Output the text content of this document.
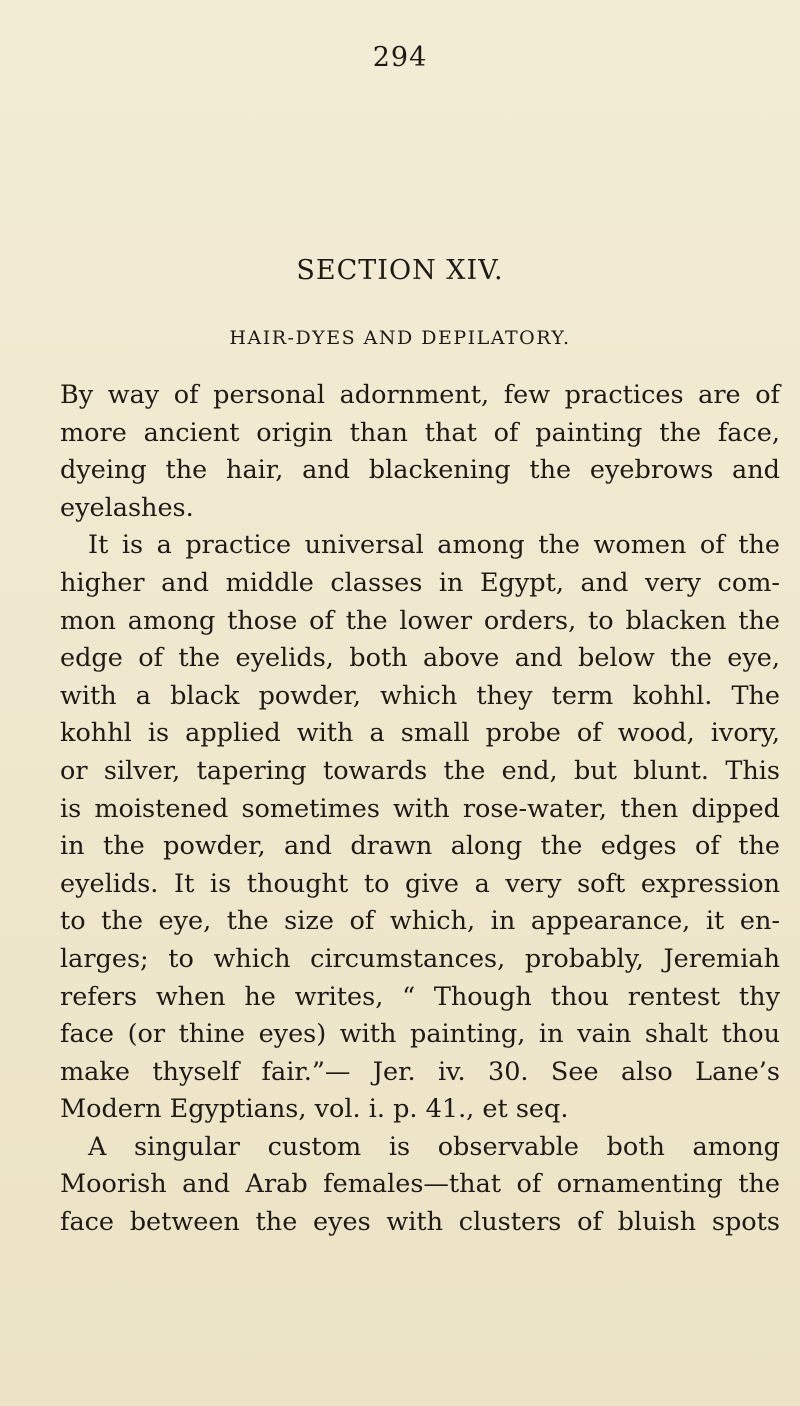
294
SECTION XIV.
HAIR-DYES AND DEPILATORY.
By way of personal adornment, few practices are of
more ancient origin than that of painting the face,
dyeing the hair, and blackening the eyebrows and
eyelashes.
It is a practice universal among the women of the
higher and middle classes in Egypt, and very com-
mon among those of the lower orders, to blacken the
edge of the eyelids, both above and below the eye,
with a black powder, which they term kohhl. The
kohhl is applied with a small probe of wood, ivory,
or silver, tapering towards the end, but blunt. This
is moistened sometimes with rose-water, then dipped
in the powder, and drawn along the edges of the
eyelids. It is thought to give a very soft expression
to the eye, the size of which, in appearance, it en-
larges; to which circumstances, probably, Jeremiah
refers when he writes, “ Though thou rentest thy
face (or thine eyes) with painting, in vain shalt thou
make thyself fair.”— Jer. iv. 30. See also Lane’s
Modern Egyptians, vol. i. p. 41., et seq.
A singular custom is observable both among
Moorish and Arab females—that of ornamenting the
face between the eyes with clusters of bluish spots
